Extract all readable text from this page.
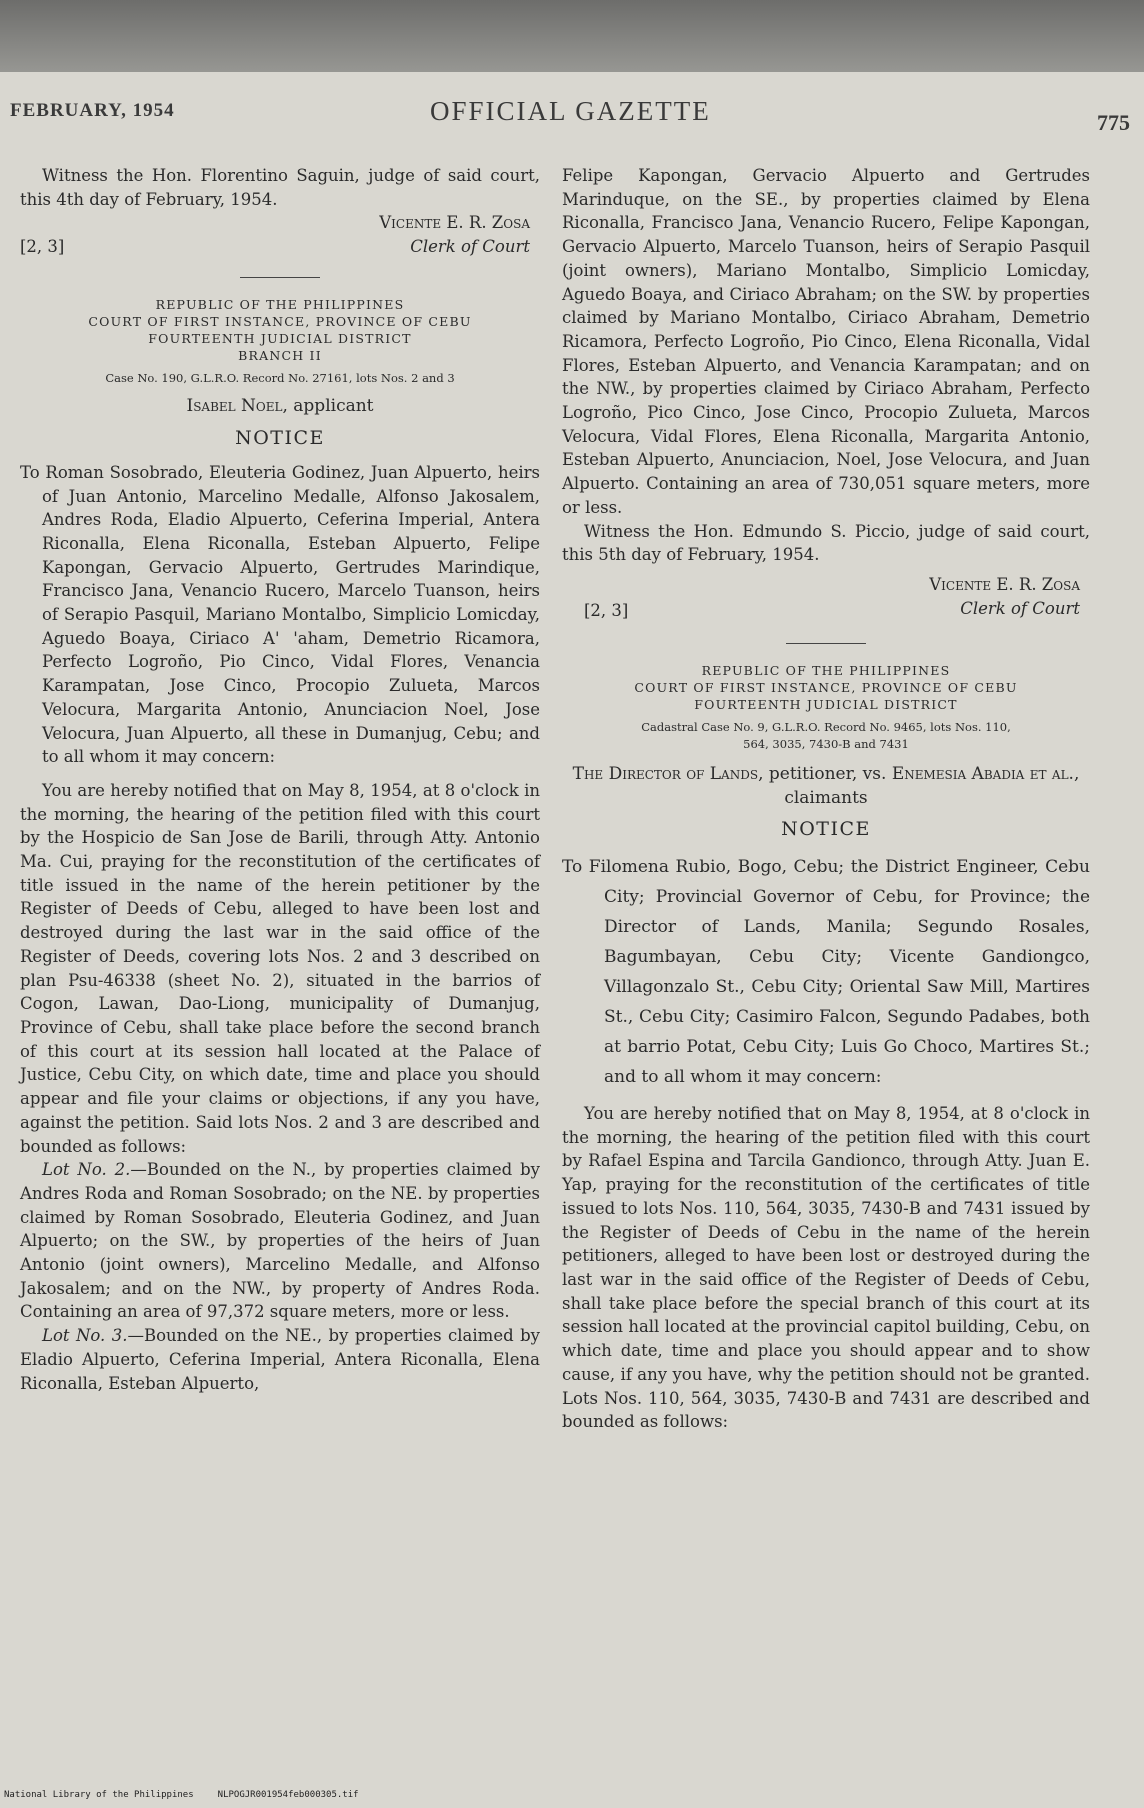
FEBRUARY, 1954	OFFICIAL GAZETTE	775

Witness the Hon. Florentino Saguin, judge of said court, this 4th day of February, 1954.

Vicente E. R. Zosa
[2, 3]	Clerk of Court
REPUBLIC OF THE PHILIPPINES
COURT OF FIRST INSTANCE, PROVINCE OF CEBU
FOURTEENTH JUDICIAL DISTRICT
BRANCH II
Case No. 190, G.L.R.O. Record No. 27161, lots Nos. 2 and 3
Isabel Noel, applicant
NOTICE

To Roman Sosobrado, Eleuteria Godinez, Juan Alpuerto, heirs of Juan Antonio, Marcelino Medalle, Alfonso Jakosalem, Andres Roda, Eladio Alpuerto, Ceferina Imperial, Antera Riconalla, Elena Riconalla, Esteban Alpuerto, Felipe Kapongan, Gervacio Alpuerto, Gertrudes Marindique, Francisco Jana, Venancio Rucero, Marcelo Tuanson, heirs of Serapio Pasquil, Mariano Montalbo, Simplicio Lomicday, Aguedo Boaya, Ciriaco A' 'aham, Demetrio Ricamora, Perfecto Logroño, Pio Cinco, Vidal Flores, Venancia Karampatan, Jose Cinco, Procopio Zulueta, Marcos Velocura, Margarita Antonio, Anunciacion Noel, Jose Velocura, Juan Alpuerto, all these in Dumanjug, Cebu; and to all whom it may concern:

You are hereby notified that on May 8, 1954, at 8 o'clock in the morning, the hearing of the petition filed with this court by the Hospicio de San Jose de Barili, through Atty. Antonio Ma. Cui, praying for the reconstitution of the certificates of title issued in the name of the herein petitioner by the Register of Deeds of Cebu, alleged to have been lost and destroyed during the last war in the said office of the Register of Deeds, covering lots Nos. 2 and 3 described on plan Psu-46338 (sheet No. 2), situated in the barrios of Cogon, Lawan, Dao-Liong, municipality of Dumanjug, Province of Cebu, shall take place before the second branch of this court at its session hall located at the Palace of Justice, Cebu City, on which date, time and place you should appear and file your claims or objections, if any you have, against the petition. Said lots Nos. 2 and 3 are described and bounded as follows:

Lot No. 2.—Bounded on the N., by properties claimed by Andres Roda and Roman Sosobrado; on the NE. by properties claimed by Roman Sosobrado, Eleuteria Godinez, and Juan Alpuerto; on the SW., by properties of the heirs of Juan Antonio (joint owners), Marcelino Medalle, and Alfonso Jakosalem; and on the NW., by property of Andres Roda. Containing an area of 97,372 square meters, more or less.

Lot No. 3.—Bounded on the NE., by properties claimed by Eladio Alpuerto, Ceferina Imperial, Antera Riconalla, Elena Riconalla, Esteban Alpuerto,

Felipe Kapongan, Gervacio Alpuerto and Gertrudes Marinduque, on the SE., by properties claimed by Elena Riconalla, Francisco Jana, Venancio Rucero, Felipe Kapongan, Gervacio Alpuerto, Marcelo Tuanson, heirs of Serapio Pasquil (joint owners), Mariano Montalbo, Simplicio Lomicday, Aguedo Boaya, and Ciriaco Abraham; on the SW. by properties claimed by Mariano Montalbo, Ciriaco Abraham, Demetrio Ricamora, Perfecto Logroño, Pio Cinco, Elena Riconalla, Vidal Flores, Esteban Alpuerto, and Venancia Karampatan; and on the NW., by properties claimed by Ciriaco Abraham, Perfecto Logroño, Pico Cinco, Jose Cinco, Procopio Zulueta, Marcos Velocura, Vidal Flores, Elena Riconalla, Margarita Antonio, Esteban Alpuerto, Anunciacion, Noel, Jose Velocura, and Juan Alpuerto. Containing an area of 730,051 square meters, more or less.

Witness the Hon. Edmundo S. Piccio, judge of said court, this 5th day of February, 1954.

Vicente E. R. Zosa
[2, 3]	Clerk of Court
REPUBLIC OF THE PHILIPPINES
COURT OF FIRST INSTANCE, PROVINCE OF CEBU
FOURTEENTH JUDICIAL DISTRICT
Cadastral Case No. 9, G.L.R.O. Record No. 9465, lots Nos. 110,
564, 3035, 7430-B and 7431
The Director of Lands, petitioner, vs. Enemesia Abadia et al., claimants
NOTICE

To Filomena Rubio, Bogo, Cebu; the District Engineer, Cebu City; Provincial Governor of Cebu, for Province; the Director of Lands, Manila; Segundo Rosales, Bagumbayan, Cebu City; Vicente Gandiongco, Villagonzalo St., Cebu City; Oriental Saw Mill, Martires St., Cebu City; Casimiro Falcon, Segundo Padabes, both at barrio Potat, Cebu City; Luis Go Choco, Martires St.; and to all whom it may concern:

You are hereby notified that on May 8, 1954, at 8 o'clock in the morning, the hearing of the petition filed with this court by Rafael Espina and Tarcila Gandionco, through Atty. Juan E. Yap, praying for the reconstitution of the certificates of title issued to lots Nos. 110, 564, 3035, 7430-B and 7431 issued by the Register of Deeds of Cebu in the name of the herein petitioners, alleged to have been lost or destroyed during the last war in the said office of the Register of Deeds of Cebu, shall take place before the special branch of this court at its session hall located at the provincial capitol building, Cebu, on which date, time and place you should appear and to show cause, if any you have, why the petition should not be granted. Lots Nos. 110, 564, 3035, 7430-B and 7431 are described and bounded as follows:

National Library of the Philippines	NLPOGJR001954feb000305.tif
